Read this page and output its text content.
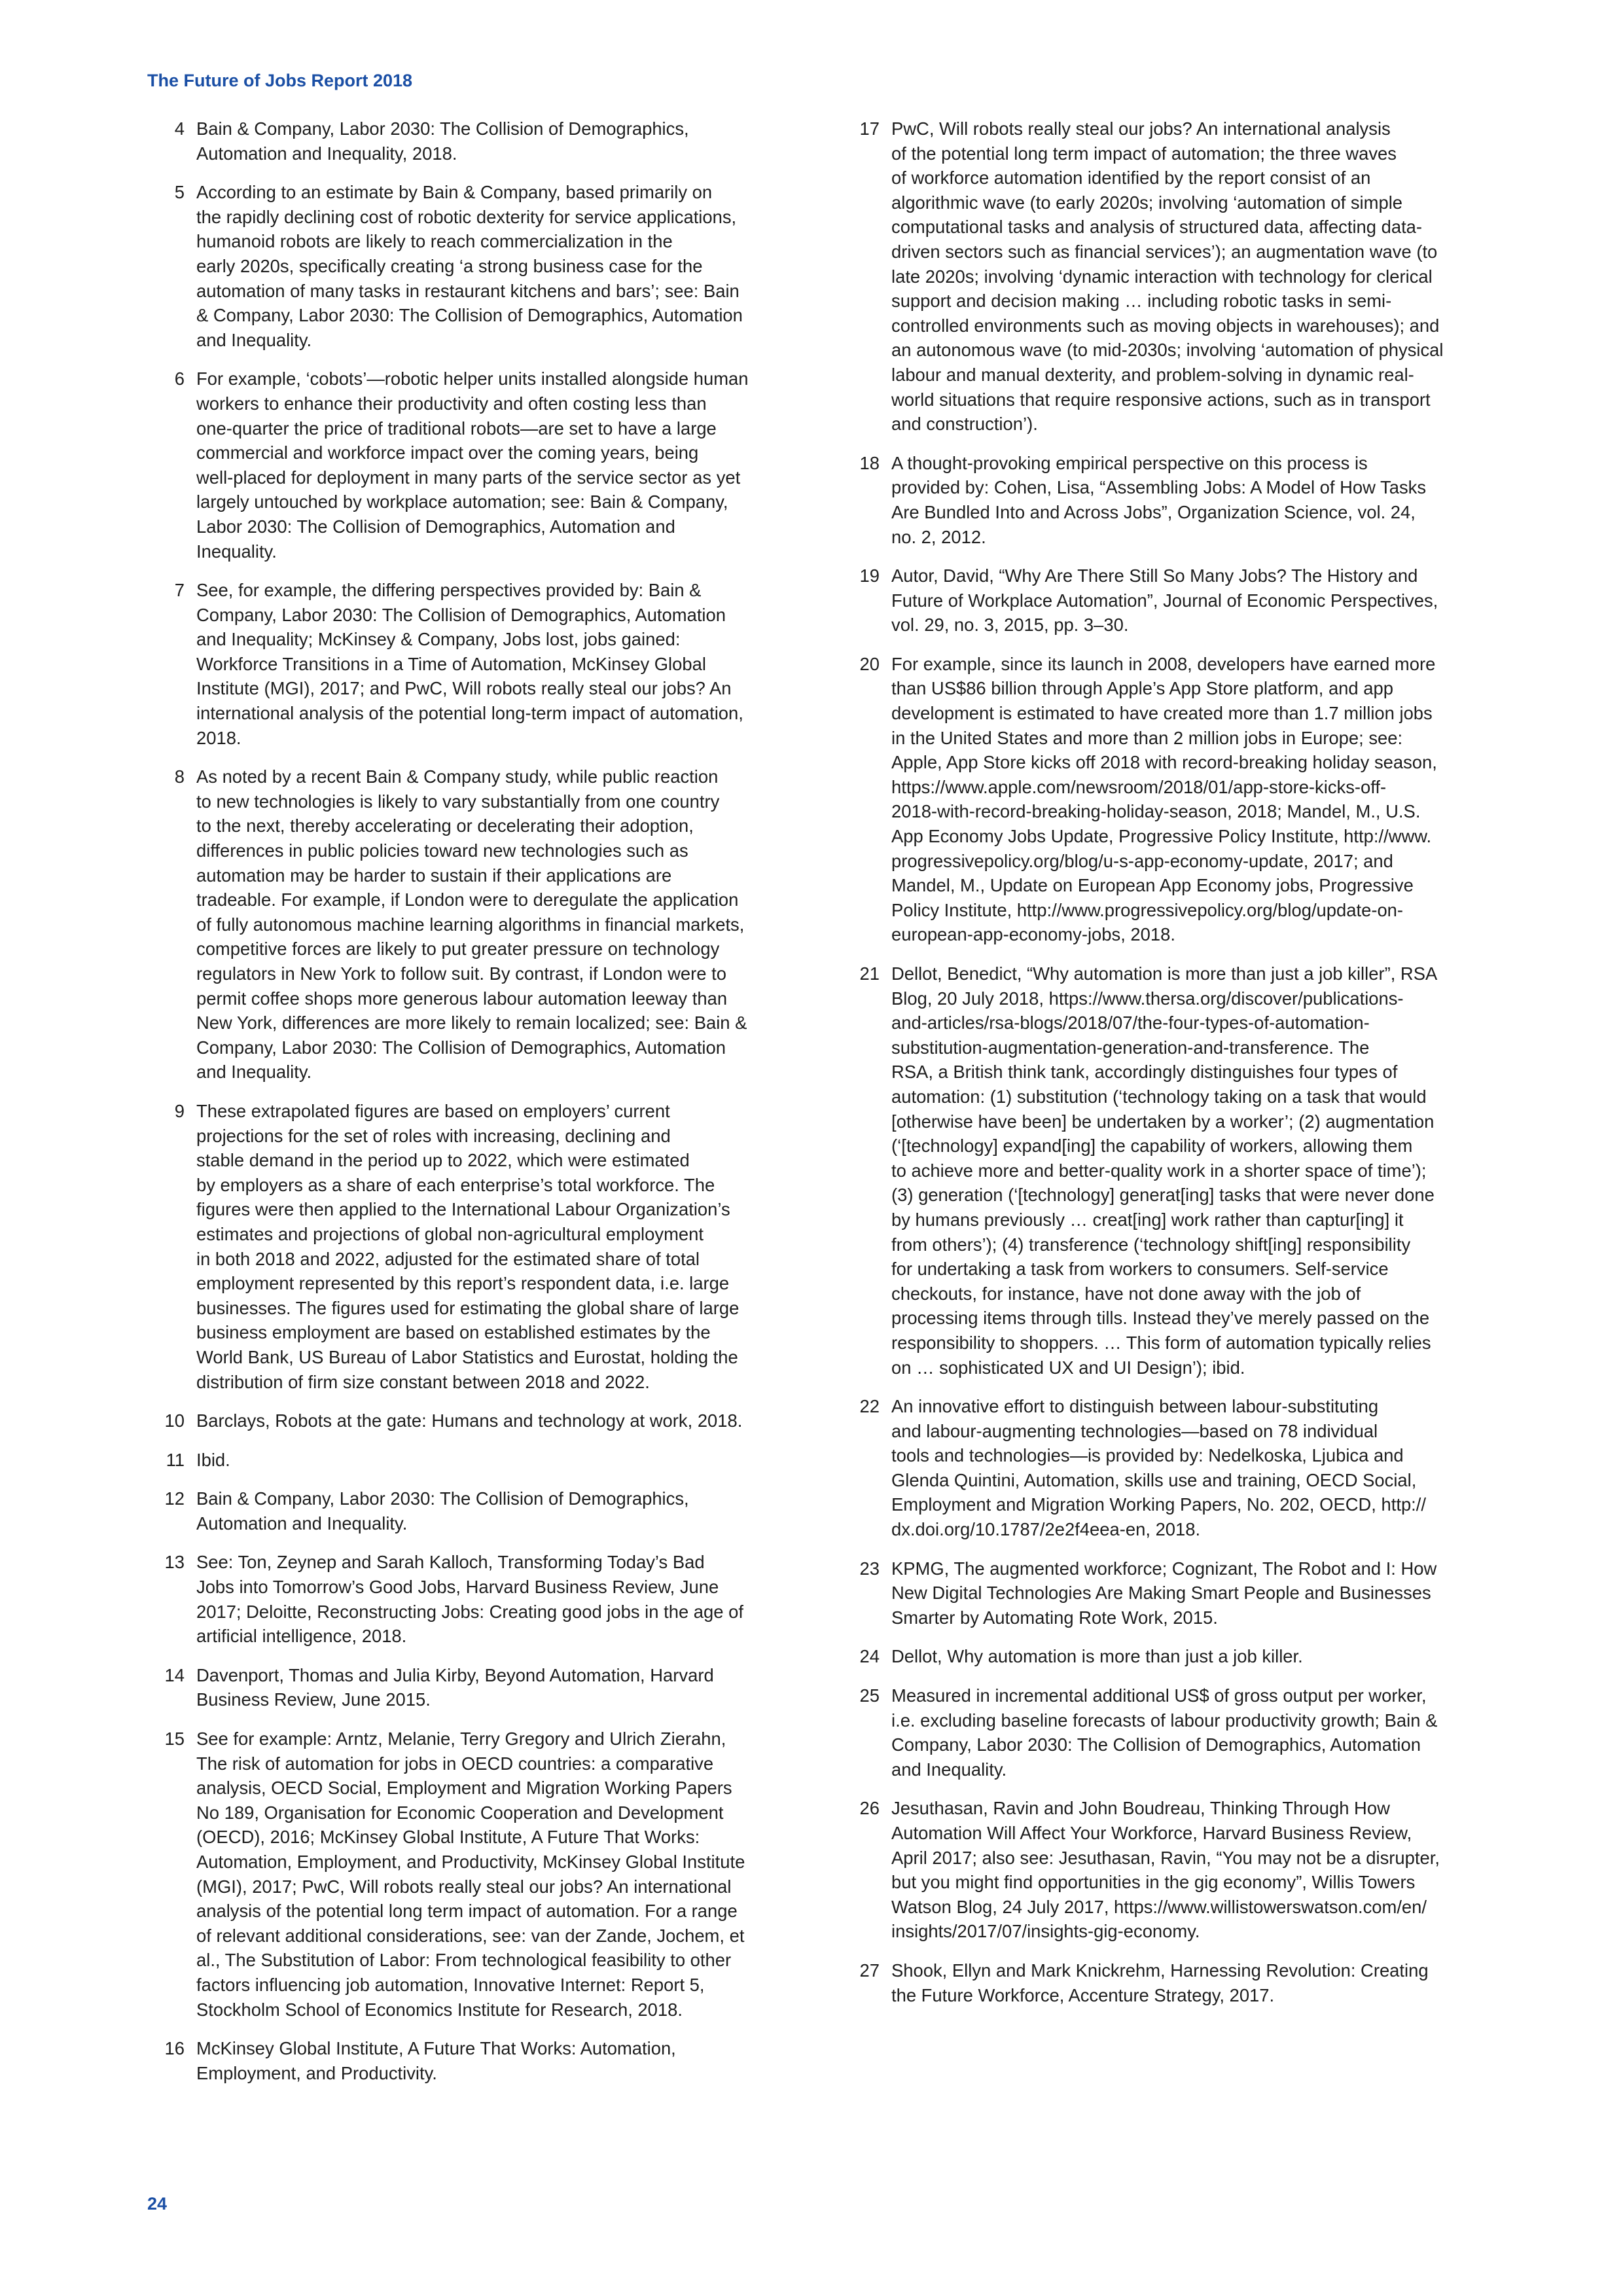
The Future of Jobs Report 2018
4 Bain & Company, Labor 2030: The Collision of Demographics,
Automation and Inequality, 2018.
5 According to an estimate by Bain & Company, based primarily on
the rapidly declining cost of robotic dexterity for service applications,
humanoid robots are likely to reach commercialization in the
early 2020s, specifically creating ‘a strong business case for the
automation of many tasks in restaurant kitchens and bars’; see: Bain
& Company, Labor 2030: The Collision of Demographics, Automation
and Inequality.
6 For example, ‘cobots’—robotic helper units installed alongside human
workers to enhance their productivity and often costing less than
one-quarter the price of traditional robots—are set to have a large
commercial and workforce impact over the coming years, being
well-placed for deployment in many parts of the service sector as yet
largely untouched by workplace automation; see: Bain & Company,
Labor 2030: The Collision of Demographics, Automation and
Inequality.
7 See, for example, the differing perspectives provided by: Bain &
Company, Labor 2030: The Collision of Demographics, Automation
and Inequality; McKinsey & Company, Jobs lost, jobs gained:
Workforce Transitions in a Time of Automation, McKinsey Global
Institute (MGI), 2017; and PwC, Will robots really steal our jobs? An
international analysis of the potential long-term impact of automation,
2018.
8 As noted by a recent Bain & Company study, while public reaction
to new technologies is likely to vary substantially from one country
to the next, thereby accelerating or decelerating their adoption,
differences in public policies toward new technologies such as
automation may be harder to sustain if their applications are
tradeable. For example, if London were to deregulate the application
of fully autonomous machine learning algorithms in financial markets,
competitive forces are likely to put greater pressure on technology
regulators in New York to follow suit. By contrast, if London were to
permit coffee shops more generous labour automation leeway than
New York, differences are more likely to remain localized; see: Bain &
Company, Labor 2030: The Collision of Demographics, Automation
and Inequality.
9 These extrapolated figures are based on employers’ current
projections for the set of roles with increasing, declining and
stable demand in the period up to 2022, which were estimated
by employers as a share of each enterprise’s total workforce. The
figures were then applied to the International Labour Organization’s
estimates and projections of global non-agricultural employment
in both 2018 and 2022, adjusted for the estimated share of total
employment represented by this report’s respondent data, i.e. large
businesses. The figures used for estimating the global share of large
business employment are based on established estimates by the
World Bank, US Bureau of Labor Statistics and Eurostat, holding the
distribution of firm size constant between 2018 and 2022.
10 Barclays, Robots at the gate: Humans and technology at work, 2018.
11 Ibid.
12 Bain & Company, Labor 2030: The Collision of Demographics,
Automation and Inequality.
13 See: Ton, Zeynep and Sarah Kalloch, Transforming Today’s Bad
Jobs into Tomorrow’s Good Jobs, Harvard Business Review, June
2017; Deloitte, Reconstructing Jobs: Creating good jobs in the age of
artificial intelligence, 2018.
14 Davenport, Thomas and Julia Kirby, Beyond Automation, Harvard
Business Review, June 2015.
15 See for example: Arntz, Melanie, Terry Gregory and Ulrich Zierahn,
The risk of automation for jobs in OECD countries: a comparative
analysis, OECD Social, Employment and Migration Working Papers
No 189, Organisation for Economic Cooperation and Development
(OECD), 2016; McKinsey Global Institute, A Future That Works:
Automation, Employment, and Productivity, McKinsey Global Institute
(MGI), 2017; PwC, Will robots really steal our jobs? An international
analysis of the potential long term impact of automation. For a range
of relevant additional considerations, see: van der Zande, Jochem, et
al., The Substitution of Labor: From technological feasibility to other
factors influencing job automation, Innovative Internet: Report 5,
Stockholm School of Economics Institute for Research, 2018.
16 McKinsey Global Institute, A Future That Works: Automation,
Employment, and Productivity.
17 PwC, Will robots really steal our jobs? An international analysis
of the potential long term impact of automation; the three waves
of workforce automation identified by the report consist of an
algorithmic wave (to early 2020s; involving ‘automation of simple
computational tasks and analysis of structured data, affecting data-
driven sectors such as financial services’); an augmentation wave (to
late 2020s; involving ‘dynamic interaction with technology for clerical
support and decision making … including robotic tasks in semi-
controlled environments such as moving objects in warehouses); and
an autonomous wave (to mid-2030s; involving ‘automation of physical
labour and manual dexterity, and problem-solving in dynamic real-
world situations that require responsive actions, such as in transport
and construction’).
18 A thought-provoking empirical perspective on this process is
provided by: Cohen, Lisa, “Assembling Jobs: A Model of How Tasks
Are Bundled Into and Across Jobs”, Organization Science, vol. 24,
no. 2, 2012.
19 Autor, David, “Why Are There Still So Many Jobs? The History and
Future of Workplace Automation”, Journal of Economic Perspectives,
vol. 29, no. 3, 2015, pp. 3–30.
20 For example, since its launch in 2008, developers have earned more
than US$86 billion through Apple’s App Store platform, and app
development is estimated to have created more than 1.7 million jobs
in the United States and more than 2 million jobs in Europe; see:
Apple, App Store kicks off 2018 with record-breaking holiday season,
https://www.apple.com/newsroom/2018/01/app-store-kicks-off-
2018-with-record-breaking-holiday-season, 2018; Mandel, M., U.S.
App Economy Jobs Update, Progressive Policy Institute, http://www.
progressivepolicy.org/blog/u-s-app-economy-update, 2017; and
Mandel, M., Update on European App Economy jobs, Progressive
Policy Institute, http://www.progressivepolicy.org/blog/update-on-
european-app-economy-jobs, 2018.
21 Dellot, Benedict, “Why automation is more than just a job killer”, RSA
Blog, 20 July 2018, https://www.thersa.org/discover/publications-
and-articles/rsa-blogs/2018/07/the-four-types-of-automation-
substitution-augmentation-generation-and-transference. The
RSA, a British think tank, accordingly distinguishes four types of
automation: (1) substitution (‘technology taking on a task that would
[otherwise have been] be undertaken by a worker’; (2) augmentation
(‘[technology] expand[ing] the capability of workers, allowing them
to achieve more and better-quality work in a shorter space of time’);
(3) generation (‘[technology] generat[ing] tasks that were never done
by humans previously … creat[ing] work rather than captur[ing] it
from others’); (4) transference (‘technology shift[ing] responsibility
for undertaking a task from workers to consumers. Self-service
checkouts, for instance, have not done away with the job of
processing items through tills. Instead they’ve merely passed on the
responsibility to shoppers. … This form of automation typically relies
on … sophisticated UX and UI Design’); ibid.
22 An innovative effort to distinguish between labour-substituting
and labour-augmenting technologies—based on 78 individual
tools and technologies—is provided by: Nedelkoska, Ljubica and
Glenda Quintini, Automation, skills use and training, OECD Social,
Employment and Migration Working Papers, No. 202, OECD, http://
dx.doi.org/10.1787/2e2f4eea-en, 2018.
23 KPMG, The augmented workforce; Cognizant, The Robot and I: How
New Digital Technologies Are Making Smart People and Businesses
Smarter by Automating Rote Work, 2015.
24 Dellot, Why automation is more than just a job killer.
25 Measured in incremental additional US$ of gross output per worker,
i.e. excluding baseline forecasts of labour productivity growth; Bain &
Company, Labor 2030: The Collision of Demographics, Automation
and Inequality.
26 Jesuthasan, Ravin and John Boudreau, Thinking Through How
Automation Will Affect Your Workforce, Harvard Business Review,
April 2017; also see: Jesuthasan, Ravin, “You may not be a disrupter,
but you might find opportunities in the gig economy”, Willis Towers
Watson Blog, 24 July 2017, https://www.willistowerswatson.com/en/
insights/2017/07/insights-gig-economy.
27 Shook, Ellyn and Mark Knickrehm, Harnessing Revolution: Creating
the Future Workforce, Accenture Strategy, 2017.
24
